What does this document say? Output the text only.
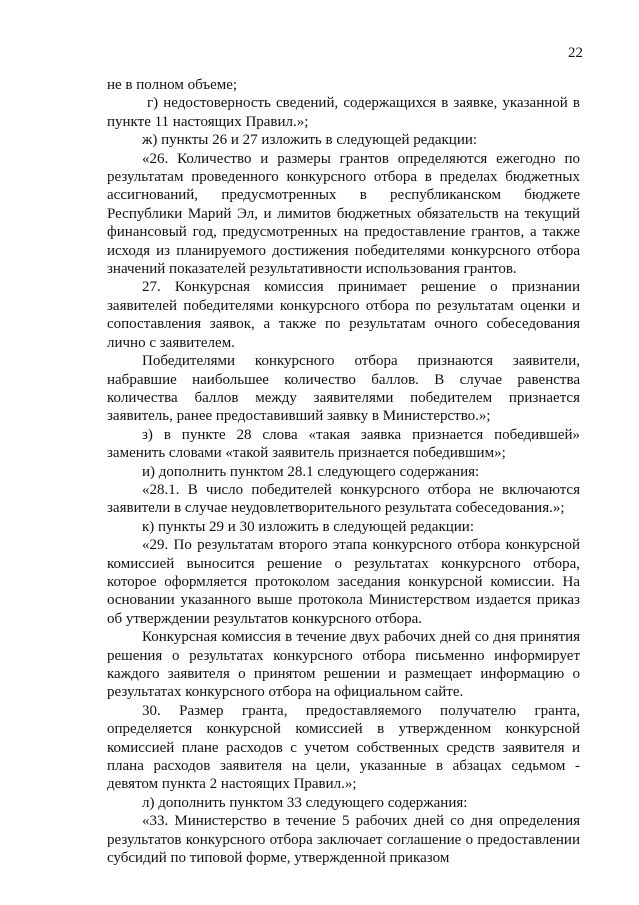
22

не в полном объеме;

г) недостоверность сведений, содержащихся в заявке, указанной в пункте 11 настоящих Правил.»;

ж) пункты 26 и 27 изложить в следующей редакции:

«26. Количество и размеры грантов определяются ежегодно по результатам проведенного конкурсного отбора в пределах бюджетных ассигнований, предусмотренных в республиканском бюджете Республики Марий Эл, и лимитов бюджетных обязательств на текущий финансовый год, предусмотренных на предоставление грантов, а также исходя из планируемого достижения победителями конкурсного отбора значений показателей результативности использования грантов.

27. Конкурсная комиссия принимает решение о признании заявителей победителями конкурсного отбора по результатам оценки и сопоставления заявок, а также по результатам очного собеседования лично с заявителем.

Победителями конкурсного отбора признаются заявители, набравшие наибольшее количество баллов. В случае равенства количества баллов между заявителями победителем признается заявитель, ранее предоставивший заявку в Министерство.»;

з) в пункте 28 слова «такая заявка признается победившей» заменить словами «такой заявитель признается победившим»;

и) дополнить пунктом 28.1 следующего содержания:

«28.1. В число победителей конкурсного отбора не включаются заявители в случае неудовлетворительного результата собеседования.»;

к) пункты 29 и 30 изложить в следующей редакции:

«29. По результатам второго этапа конкурсного отбора конкурсной комиссией выносится решение о результатах конкурсного отбора, которое оформляется протоколом заседания конкурсной комиссии. На основании указанного выше протокола Министерством издается приказ об утверждении результатов конкурсного отбора.

Конкурсная комиссия в течение двух рабочих дней со дня принятия решения о результатах конкурсного отбора письменно информирует каждого заявителя о принятом решении и размещает информацию о результатах конкурсного отбора на официальном сайте.

30. Размер гранта, предоставляемого получателю гранта, определяется конкурсной комиссией в утвержденном конкурсной комиссией плане расходов с учетом собственных средств заявителя и плана расходов заявителя на цели, указанные в абзацах седьмом - девятом пункта 2 настоящих Правил.»;

л) дополнить пунктом 33 следующего содержания:

«33. Министерство в течение 5 рабочих дней со дня определения результатов конкурсного отбора заключает соглашение о предоставлении субсидий по типовой форме, утвержденной приказом
